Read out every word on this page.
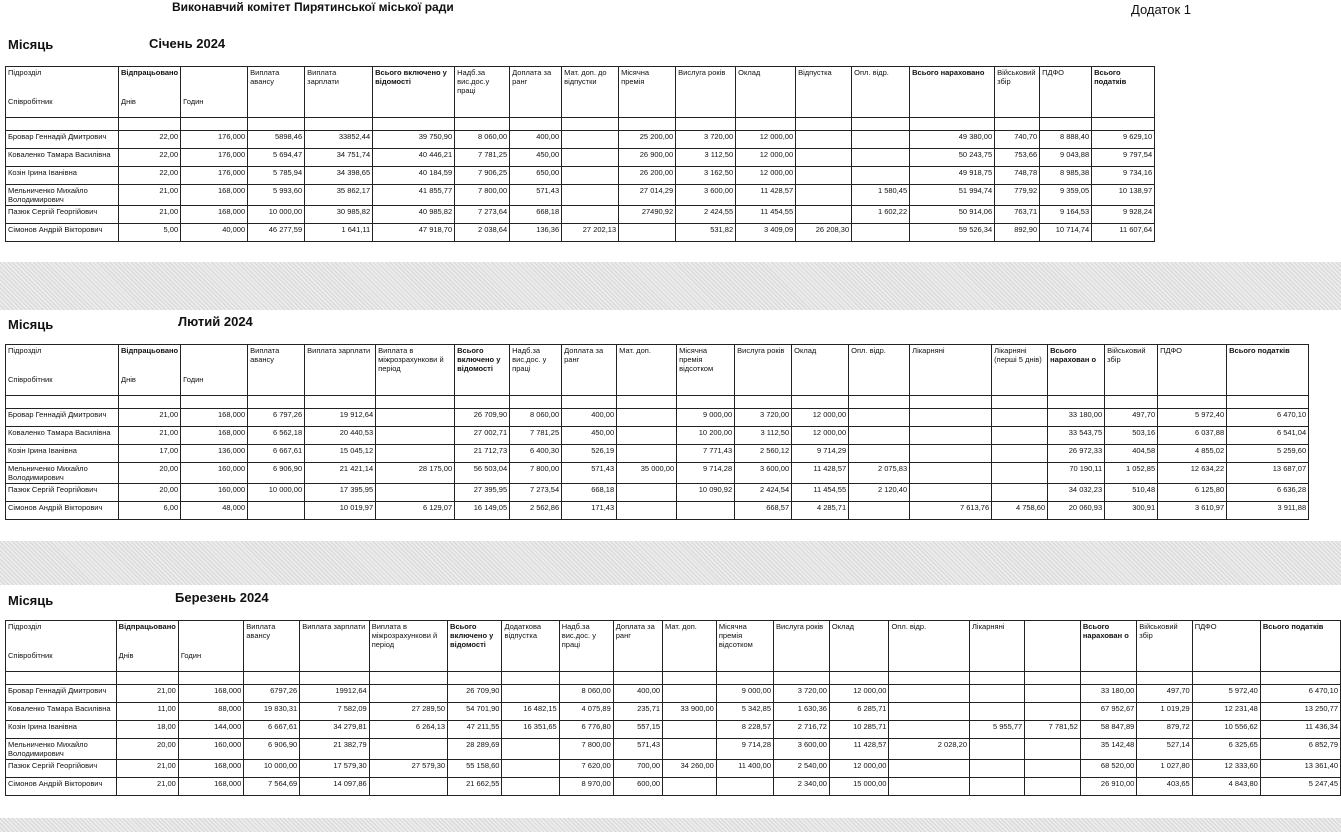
Виконавчий комітет Пирятинської міської ради	Додаток 1
Місяць	Січень 2024
Підрозділ	Відпрацьовано		Виплата авансу	Виплата зарплати	Всього включено у відомості	Надб.за вис.дос.у праці	Доплата за ранг	Мат. доп. до відпустки	Місячна премія	Вислуга років	Оклад	Відпустка	Опл. відр.	Всього нараховано	Військовий збір	ПДФО	Всього податків
Співробітник	Днів	Годин															

Бровар Геннадій Дмитрович	22,00	176,000	5898,46	33852,44	39 750,90	8 060,00	400,00		25 200,00	3 720,00	12 000,00			49 380,00	740,70	8 888,40	9 629,10
Коваленко Тамара Василівна	22,00	176,000	5 694,47	34 751,74	40 446,21	7 781,25	450,00		26 900,00	3 112,50	12 000,00			50 243,75	753,66	9 043,88	9 797,54
Козін Ірина Іванівна	22,00	176,000	5 785,94	34 398,65	40 184,59	7 906,25	650,00		26 200,00	3 162,50	12 000,00			49 918,75	748,78	8 985,38	9 734,16
Мельниченко Михайло Володимирович	21,00	168,000	5 993,60	35 862,17	41 855,77	7 800,00	571,43		27 014,29	3 600,00	11 428,57		1 580,45	51 994,74	779,92	9 359,05	10 138,97
Пазюк Сергій Георгійович	21,00	168,000	10 000,00	30 985,82	40 985,82	7 273,64	668,18		27490,92	2 424,55	11 454,55		1 602,22	50 914,06	763,71	9 164,53	9 928,24
Сімонов Андрій Вікторович	5,00	40,000	46 277,59	1 641,11	47 918,70	2 038,64	136,36	27 202,13		531,82	3 409,09	26 208,30		59 526,34	892,90	10 714,74	11 607,64
Місяць	Лютий 2024
Підрозділ	Відпрацьовано		Виплата авансу	Виплата зарплати	Виплата в міжрозрахункови й період	Всього включено у відомості	Надб.за вис.дос. у праці	Доплата за ранг	Мат. доп.	Місячна премія відсотком	Вислуга років	Оклад	Опл. відр.	Лікарняні	Лікарняні (перші 5 днів)	Всього нарахован о	Військовий збір	ПДФО	Всього податків
Співробітник	Днів	Годин																	

Бровар Геннадій Дмитрович	21,00	168,000	6 797,26	19 912,64		26 709,90	8 060,00	400,00		9 000,00	3 720,00	12 000,00				33 180,00	497,70	5 972,40	6 470,10
Коваленко Тамара Василівна	21,00	168,000	6 562,18	20 440,53		27 002,71	7 781,25	450,00		10 200,00	3 112,50	12 000,00				33 543,75	503,16	6 037,88	6 541,04
Козін Ірина Іванівна	17,00	136,000	6 667,61	15 045,12		21 712,73	6 400,30	526,19		7 771,43	2 560,12	9 714,29				26 972,33	404,58	4 855,02	5 259,60
Мельниченко Михайло Володимирович	20,00	160,000	6 906,90	21 421,14	28 175,00	56 503,04	7 800,00	571,43	35 000,00	9 714,28	3 600,00	11 428,57	2 075,83			70 190,11	1 052,85	12 634,22	13 687,07
Пазюк Сергій Георгійович	20,00	160,000	10 000,00	17 395,95		27 395,95	7 273,54	668,18		10 090,92	2 424,54	11 454,55	2 120,40			34 032,23	510,48	6 125,80	6 636,28
Сімонов Андрій Вікторович	6,00	48,000		10 019,97	6 129,07	16 149,05	2 562,86	171,43			668,57	4 285,71		7 613,76	4 758,60	20 060,93	300,91	3 610,97	3 911,88
Місяць	Березень 2024
Підрозділ	Відпрацьовано		Виплата авансу	Виплата зарплати	Виплата в міжрозрахункови й період	Всього включено у відомості	Додаткова відпустка	Надб.за вис.дос. у праці	Доплата за ранг	Мат. доп.	Місячна премія відсотком	Вислуга років	Оклад	Опл. відр.	Лікарняні		Всього нарахован о	Військовий збір	ПДФО	Всього податків
Співробітник	Днів	Годин																		

Бровар Геннадій Дмитрович	21,00	168,000	6797,26	19912,64		26 709,90		8 060,00	400,00		9 000,00	3 720,00	12 000,00				33 180,00	497,70	5 972,40	6 470,10
Коваленко Тамара Василівна	11,00	88,000	19 830,31	7 582,09	27 289,50	54 701,90	16 482,15	4 075,89	235,71	33 900,00	5 342,85	1 630,36	6 285,71				67 952,67	1 019,29	12 231,48	13 250,77
Козін Ірина Іванівна	18,00	144,000	6 667,61	34 279,81	6 264,13	47 211,55	16 351,65	6 776,80	557,15		8 228,57	2 716,72	10 285,71		5 955,77	7 781,52	58 847,89	879,72	10 556,62	11 436,34
Мельниченко Михайло Володимирович	20,00	160,000	6 906,90	21 382,79		28 289,69		7 800,00	571,43		9 714,28	3 600,00	11 428,57	2 028,20			35 142,48	527,14	6 325,65	6 852,79
Пазюк Сергій Георгійович	21,00	168,000	10 000,00	17 579,30	27 579,30	55 158,60		7 620,00	700,00	34 260,00	11 400,00	2 540,00	12 000,00				68 520,00	1 027,80	12 333,60	13 361,40
Сімонов Андрій Вікторович	21,00	168,000	7 564,69	14 097,86		21 662,55		8 970,00	600,00			2 340,00	15 000,00				26 910,00	403,65	4 843,80	5 247,45
